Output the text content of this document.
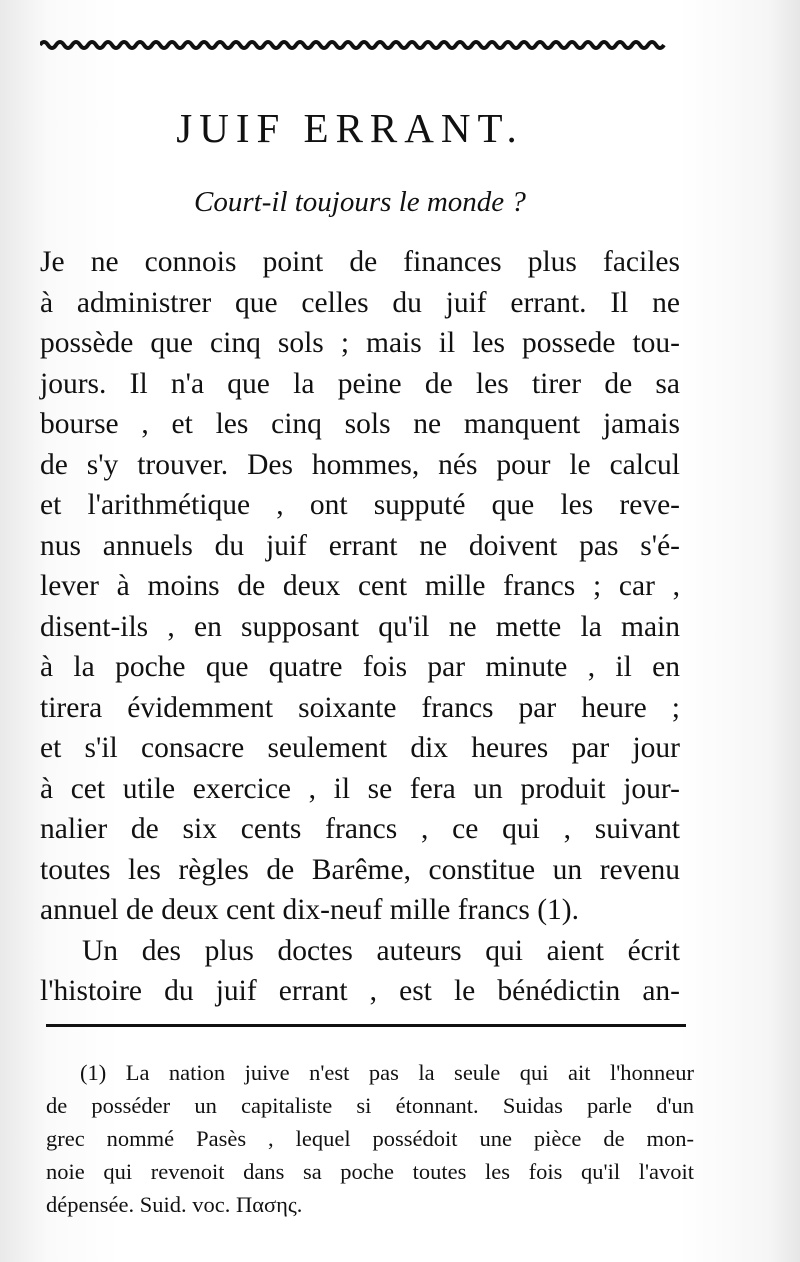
JUIF ERRANT.
Court-il toujours le monde ?
Je ne connois point de finances plus faciles
à administrer que celles du juif errant. Il ne
possède que cinq sols ; mais il les possede tou-
jours. Il n'a que la peine de les tirer de sa
bourse , et les cinq sols ne manquent jamais
de s'y trouver. Des hommes, nés pour le calcul
et l'arithmétique , ont supputé que les reve-
nus annuels du juif errant ne doivent pas s'é-
lever à moins de deux cent mille francs ; car ,
disent-ils , en supposant qu'il ne mette la main
à la poche que quatre fois par minute , il en
tirera évidemment soixante francs par heure ;
et s'il consacre seulement dix heures par jour
à cet utile exercice , il se fera un produit jour-
nalier de six cents francs , ce qui , suivant
toutes les règles de Barême, constitue un revenu
annuel de deux cent dix-neuf mille francs (1).
Un des plus doctes auteurs qui aient écrit
l'histoire du juif errant , est le bénédictin an-
(1) La nation juive n'est pas la seule qui ait l'honneur
de posséder un capitaliste si étonnant. Suidas parle d'un
grec nommé Pasès , lequel possédoit une pièce de mon-
noie qui revenoit dans sa poche toutes les fois qu'il l'avoit
dépensée. Suid. voc. Πασης.
